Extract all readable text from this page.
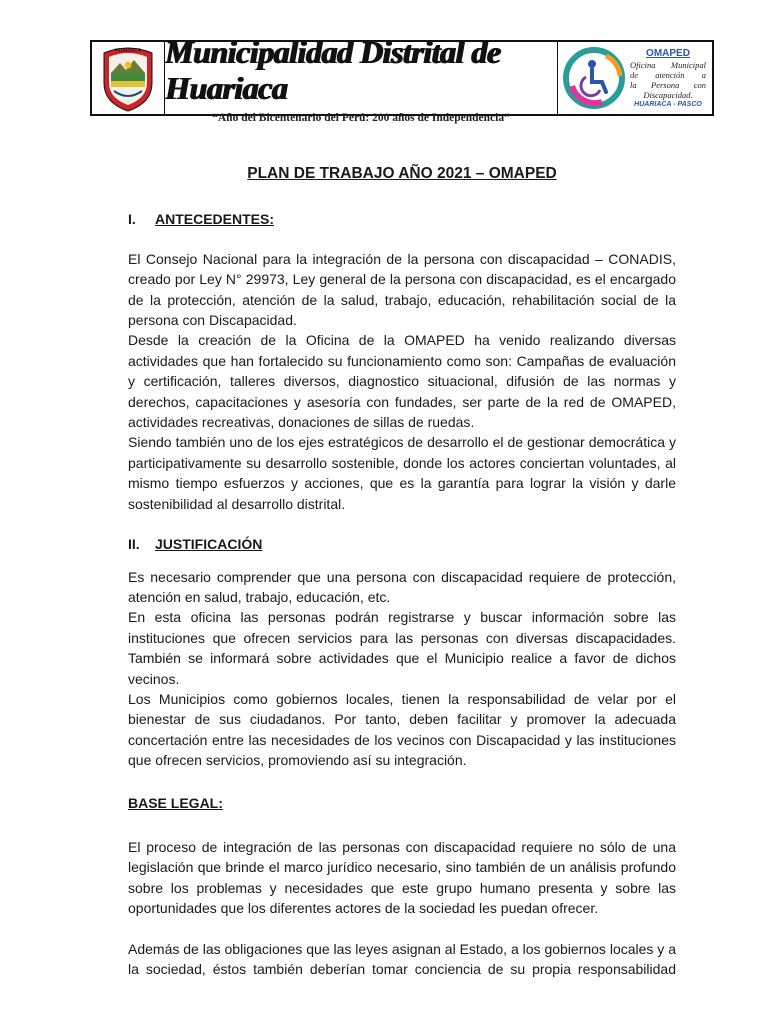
HUARIACA Municipalidad Distrital de Huariaca
“Año del Bicentenario del Perú: 200 años de Independencia”
OMAPED
Oficina Municipal
de atención a
la Persona con
Discapacidad.
HUARIACA - PASCO
PLAN DE TRABAJO AÑO 2021 – OMAPED
I. ANTECEDENTES:

El Consejo Nacional para la integración de la persona con discapacidad – CONADIS, creado por Ley N° 29973, Ley general de la persona con discapacidad, es el encargado de la protección, atención de la salud, trabajo, educación, rehabilitación social de la persona con Discapacidad.

Desde la creación de la Oficina de la OMAPED ha venido realizando diversas actividades que han fortalecido su funcionamiento como son: Campañas de evaluación y certificación, talleres diversos, diagnostico situacional, difusión de las normas y derechos, capacitaciones y asesoría con fundades, ser parte de la red de OMAPED, actividades recreativas, donaciones de sillas de ruedas.

Siendo también uno de los ejes estratégicos de desarrollo el de gestionar democrática y participativamente su desarrollo sostenible, donde los actores conciertan voluntades, al mismo tiempo esfuerzos y acciones, que es la garantía para lograr la visión y darle sostenibilidad al desarrollo distrital.

II. JUSTIFICACIÓN

Es necesario comprender que una persona con discapacidad requiere de protección, atención en salud, trabajo, educación, etc.

En esta oficina las personas podrán registrarse y buscar información sobre las instituciones que ofrecen servicios para las personas con diversas discapacidades. También se informará sobre actividades que el Municipio realice a favor de dichos vecinos.

Los Municipios como gobiernos locales, tienen la responsabilidad de velar por el bienestar de sus ciudadanos. Por tanto, deben facilitar y promover la adecuada concertación entre las necesidades de los vecinos con Discapacidad y las instituciones que ofrecen servicios, promoviendo así su integración.

BASE LEGAL:

El proceso de integración de las personas con discapacidad requiere no sólo de una legislación que brinde el marco jurídico necesario, sino también de un análisis profundo sobre los problemas y necesidades que este grupo humano presenta y sobre las oportunidades que los diferentes actores de la sociedad les puedan ofrecer.

Además de las obligaciones que las leyes asignan al Estado, a los gobiernos locales y a la sociedad, éstos también deberían tomar conciencia de su propia responsabilidad
